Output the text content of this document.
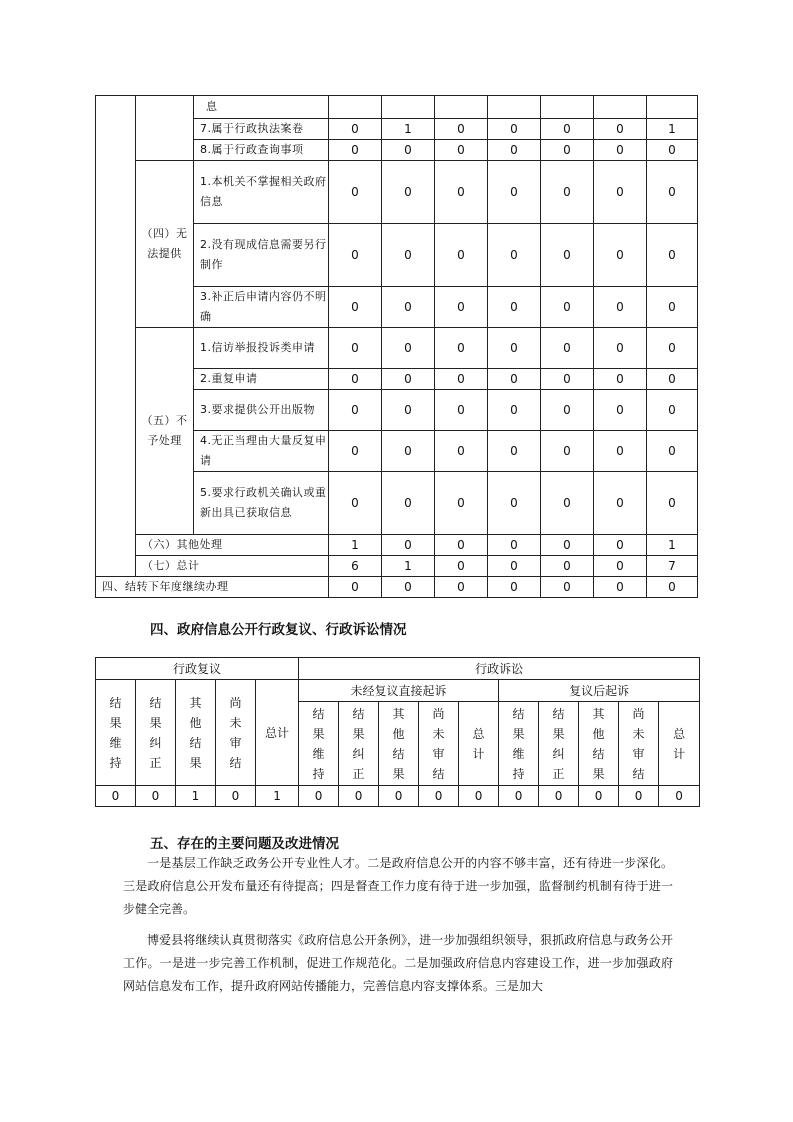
		息							
		7.属于行政执法案卷	0	1	0	0	0	0	1
		8.属于行政查询事项	0	0	0	0	0	0	0
	（四）无法提供	1.本机关不掌握相关政府信息	0	0	0	0	0	0	0
		2.没有现成信息需要另行制作	0	0	0	0	0	0	0
		3.补正后申请内容仍不明确	0	0	0	0	0	0	0
	（五）不予处理	1.信访举报投诉类申请	0	0	0	0	0	0	0
		2.重复申请	0	0	0	0	0	0	0
		3.要求提供公开出版物	0	0	0	0	0	0	0
		4.无正当理由大量反复申请	0	0	0	0	0	0	0
		5.要求行政机关确认或重新出具已获取信息	0	0	0	0	0	0	0
	（六）其他处理		1	0	0	0	0	0	1
	（七）总计		6	1	0	0	0	0	7
四、结转下年度继续办理			0	0	0	0	0	0	0
四、政府信息公开行政复议、行政诉讼情况
行政复议					行政诉讼									
结果维持	结果纠正	其他结果	尚未审结	总计	未经复议直接起诉					复议后起诉				
					结果维持	结果纠正	其他结果	尚未审结	总计	结果维持	结果纠正	其他结果	尚未审结	总计
0	0	1	0	1	0	0	0	0	0	0	0	0	0	0
五、存在的主要问题及改进情况

一是基层工作缺乏政务公开专业性人才。二是政府信息公开的内容不够丰富，还有待进一步深化。三是政府信息公开发布量还有待提高；四是督查工作力度有待于进一步加强，监督制约机制有待于进一步健全完善。

博爱县将继续认真贯彻落实《政府信息公开条例》，进一步加强组织领导，狠抓政府信息与政务公开工作。一是进一步完善工作机制，促进工作规范化。二是加强政府信息内容建设工作，进一步加强政府网站信息发布工作，提升政府网站传播能力，完善信息内容支撑体系。三是加大
